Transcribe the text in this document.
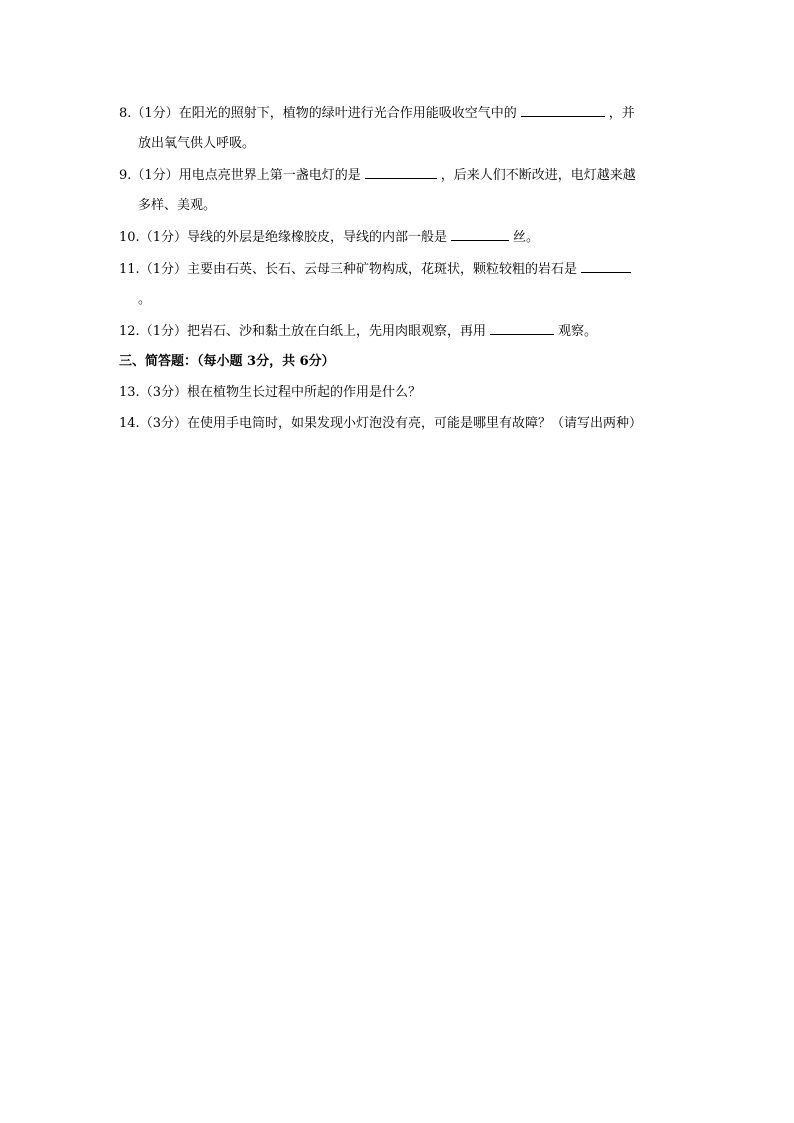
8.（1分）在阳光的照射下，植物的绿叶进行光合作用能吸收空气中的	，并
放出氧气供人呼吸。
9.（1分）用电点亮世界上第一盏电灯的是	，后来人们不断改进，电灯越来越
多样、美观。
10.（1分）导线的外层是绝缘橡胶皮，导线的内部一般是	丝。
11.（1分）主要由石英、长石、云母三种矿物构成，花斑状，颗粒较粗的岩石是
。
12.（1分）把岩石、沙和黏土放在白纸上，先用肉眼观察，再用	观察。
三、简答题：（每小题 3分，共 6分）
13.（3分）根在植物生长过程中所起的作用是什么？
14.（3分）在使用手电筒时，如果发现小灯泡没有亮，可能是哪里有故障？（请写出两种）
